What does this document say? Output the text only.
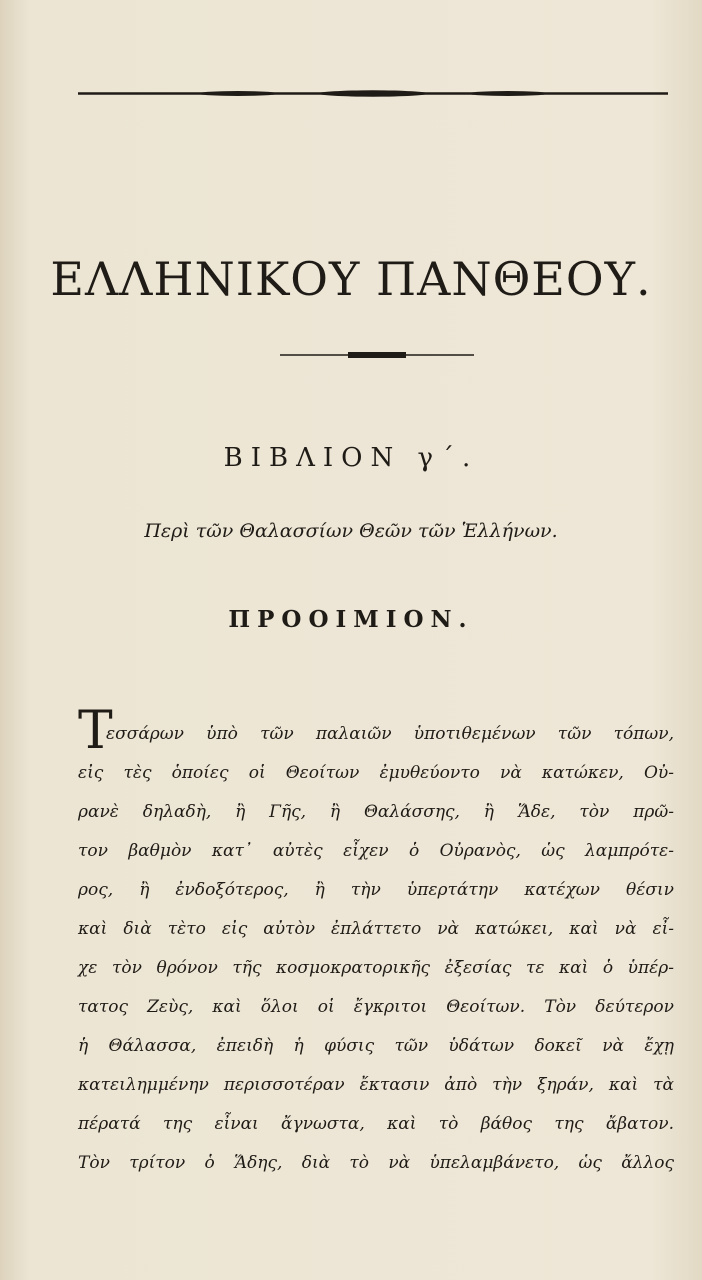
ΕΛΛΗΝΙΚΟΥ ΠΑΝΘΕΟΥ.
ΒΙΒΛΙΟΝ γ΄.

Περὶ τῶν Θαλασσίων Θεῶν τῶν Ἑλλήνων.

ΠΡΟΟΙΜΙΟΝ.
Τ
εσσάρων ὑπὸ τῶν παλαιῶν ὑποτιθεμένων τῶν τόπων,
εἰς τὲς ὁποίες οἱ Θεοίτων ἐμυθεύοντο νὰ κατώκεν, Οὐ-
ρανὲ δηλαδὴ, ἢ Γῆς, ἢ Θαλάσσης, ἢ Ἅδε, τὸν πρῶ-
τον βαθμὸν κατ᾽ αὐτὲς εἶχεν ὁ Οὐρανὸς, ὡς λαμπρότε-
ρος, ἢ ἐνδοξότερος, ἢ τὴν ὑπερτάτην κατέχων θέσιν
καὶ διὰ τὲτο εἰς αὐτὸν ἐπλάττετο νὰ κατώκει, καὶ νὰ εἶ-
χε τὸν θρόνον τῆς κοσμοκρατορικῆς ἐξεσίας τε καὶ ὁ ὑπέρ-
τατος Ζεὺς, καὶ ὅλοι οἱ ἔγκριτοι Θεοίτων. Τὸν δεύτερον
ἡ Θάλασσα, ἐπειδὴ ἡ φύσις τῶν ὑδάτων δοκεῖ νὰ ἔχῃ
κατειλημμένην περισσοτέραν ἔκτασιν ἀπὸ τὴν ξηράν, καὶ τὰ
πέρατά της εἶναι ἄγνωστα, καὶ τὸ βάθος της ἄβατον.
Τὸν τρίτον ὁ Ἅδης, διὰ τὸ νὰ ὑπελαμβάνετο, ὡς ἄλλος
